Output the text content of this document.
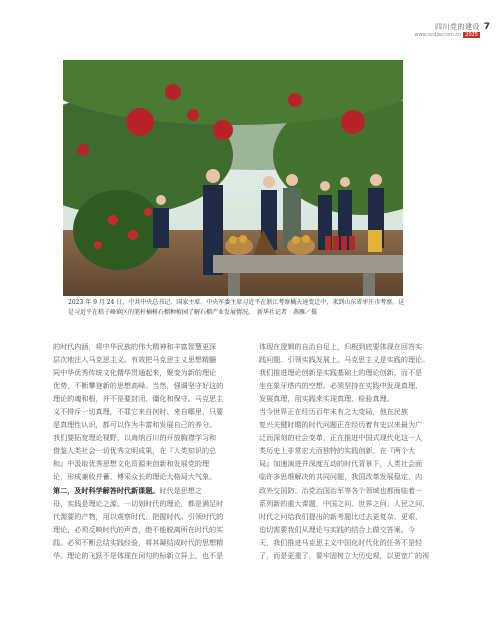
四川党的建设
www.scdjw.com.cn 2025
7
2023 年 9 月 24 日，中共中央总书记、国家主席、中央军委主席习近平在浙江考察橘天速变迁中，来到山东省枣庄市考察。这是习近平在桔子峰镇区的笔杆楠树石榴种植园了解石榴产业发展情况。　新华社记者　燕雁／摄

的时代内涵，将中华民族的伟大精神和丰富智慧更深
层次地注入马克思主义。有效把马克思主义思想精髓
同中华优秀传统文化精华贯通起来，聚变为新的理论
优势，不断攀登新的思想高峰。当然，强调坚守好这的
理论的魂和根，并不是要封闭、僵化和保守。马克思主
义不排斥一切真理，不罪它来自何时、来自哪里，只要
是真理性认识，都可以作为丰富和发展自己的养分。
我们要拓宽理论视野，以海纳百川的开放胸襟学习和
借鉴人类社会一切优秀文明成果，在『人类知识的总
和』中汲取优秀思想文化资源来创新和发展党的理
论，形成兼收并蓄、博采众长的理论大格局大气象。

第二，及时科学解答时代新课题。时代是思想之
母，实践是理论之源。一切划时代的理论，都是满足时
代需要的产物，用以观察时代、把握时代、引领时代的
理论，必须反映时代的声音，绝不能脱离所在时代的实
践。必须不断总结实践经验，将其凝结成时代的思想精
华。理论的飞跃不是体现在词句的标新立异上，也不是

体现在逻辑的自治自足上，归根到底要体现在回答实
践问题、引领实践发展上。马克思主义是实践的理论。
我们推进理论创新是实践基础上的理论创新，而不是
坐在象牙塔内的空想。必须坚持在实践中发现真理、
发展真理，用实践来实现真理、检验真理。

当今世界正在经历百年未有之大变局，他在民族
复兴关键时期的时代问题正在经历着有史以来最为广
泛而深刻的社会变革，正在推进中国式现代化这一人
类历史上非常宏大而独特的实践创新。在『两个大
局』加速演进并深度互动的时代背景下，人类社会面
临许多思维解决的共同问题，我国改革发展稳定、内
政外交国防、治党治国治军等各个领域也都面临着一
系列新的重大课题，中国之问、世界之问、人民之问、
时代之问给我们提出的新考题比过去更复杂、更艰，
迫切需要我们从理论与实践的结合上做交答案。今
天，我们推进马克思主义中国化时代化的任务不是轻
了，而是更重了，要牢固树立大历史观，以更宽广的视
